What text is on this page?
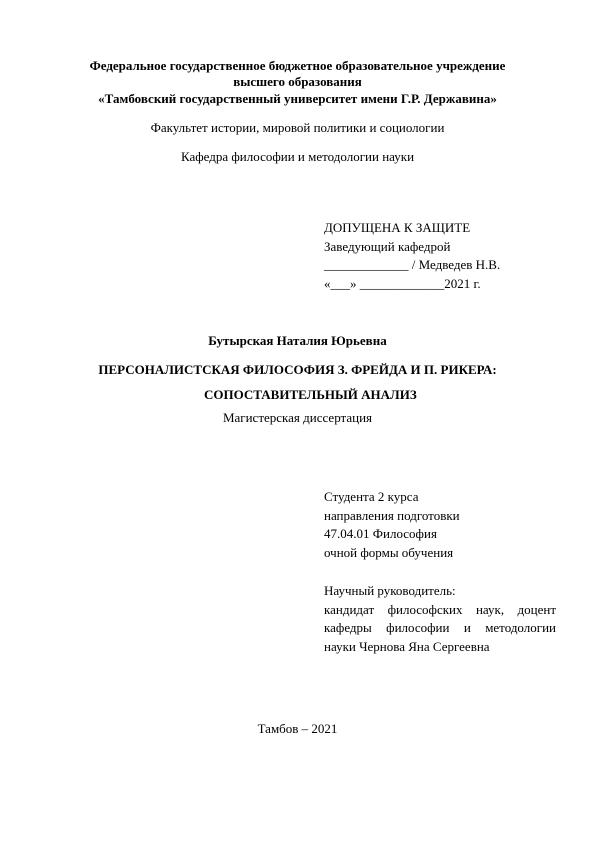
Федеральное государственное бюджетное образовательное учреждение
высшего образования
«Тамбовский государственный университет имени Г.Р. Державина»
Факультет истории, мировой политики и социологии
Кафедра философии и методологии науки
ДОПУЩЕНА К ЗАЩИТЕ
Заведующий кафедрой
_____________ / Медведев Н.В.
«___» _____________2021 г.
Бутырская Наталия Юрьевна
ПЕРСОНАЛИСТСКАЯ ФИЛОСОФИЯ З. ФРЕЙДА И П. РИКЕРА:
СОПОСТАВИТЕЛЬНЫЙ АНАЛИЗ
Магистерская диссертация
Студента 2 курса
направления подготовки
47.04.01 Философия
очной формы обучения
Научный руководитель:
кандидат философских наук, доцент кафедры философии и методологии науки Чернова Яна Сергеевна
Тамбов – 2021
